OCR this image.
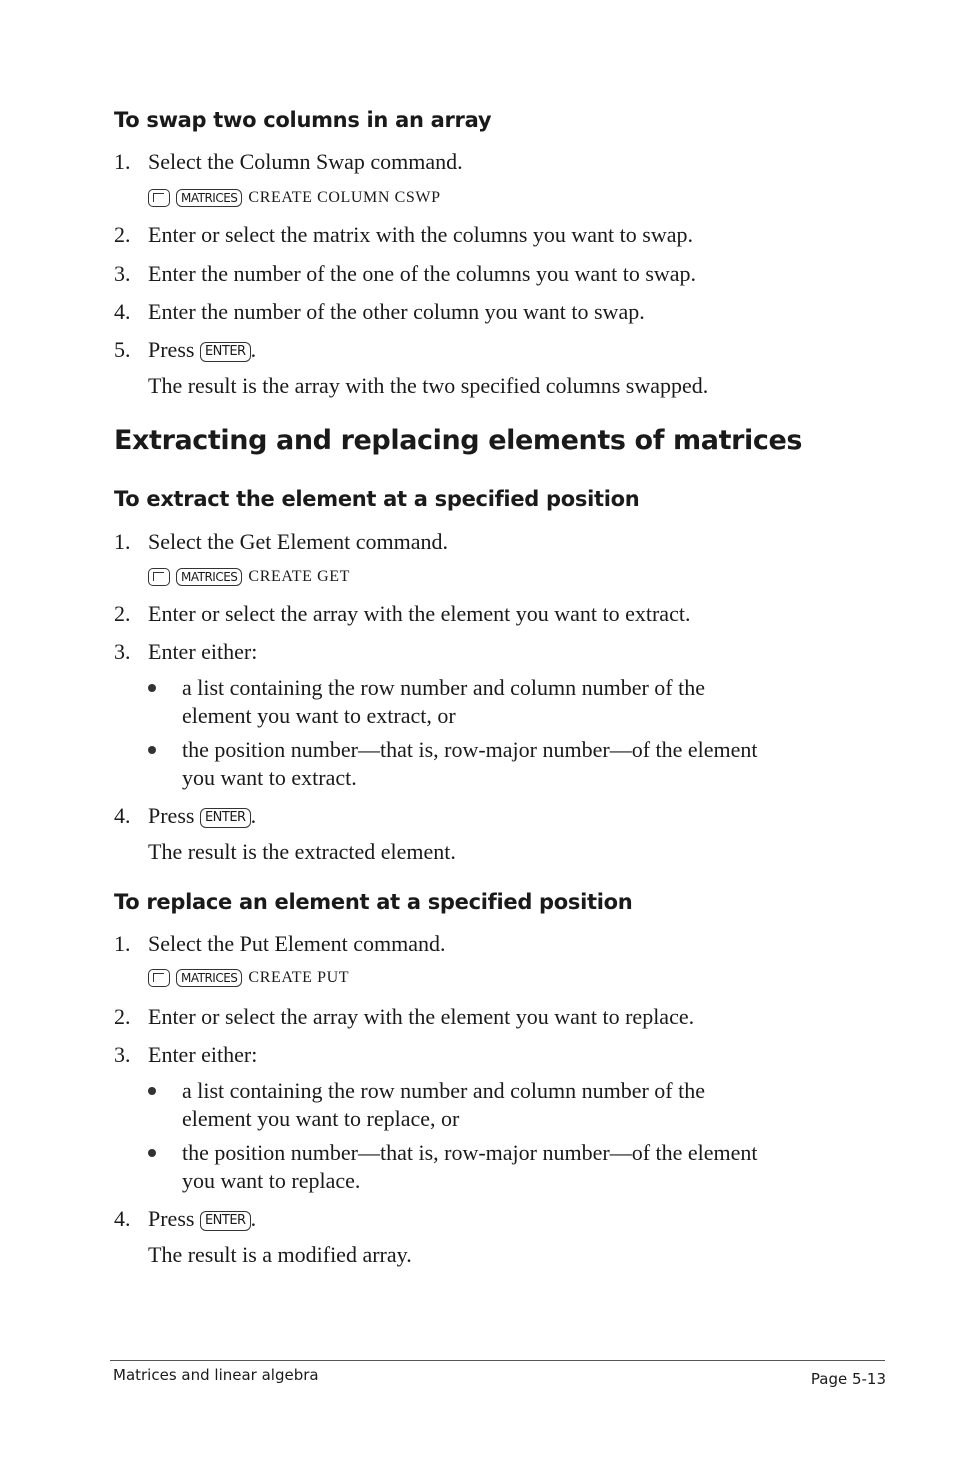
To swap two columns in an array
1. Select the Column Swap command.
MATRICES CREATE COLUMN CSWP
2. Enter or select the matrix with the columns you want to swap.
3. Enter the number of the one of the columns you want to swap.
4. Enter the number of the other column you want to swap.
5. Press ENTER .
The result is the array with the two specified columns swapped.
Extracting and replacing elements of matrices
To extract the element at a specified position
1. Select the Get Element command.
MATRICES CREATE GET
2. Enter or select the array with the element you want to extract.
3. Enter either:
a list containing the row number and column number of the
element you want to extract, or
the position number—that is, row-major number—of the element
you want to extract.
4. Press ENTER .
The result is the extracted element.
To replace an element at a specified position
1. Select the Put Element command.
MATRICES CREATE PUT
2. Enter or select the array with the element you want to replace.
3. Enter either:
a list containing the row number and column number of the
element you want to replace, or
the position number—that is, row-major number—of the element
you want to replace.
4. Press ENTER .
The result is a modified array.
Matrices and linear algebra	Page 5-13
